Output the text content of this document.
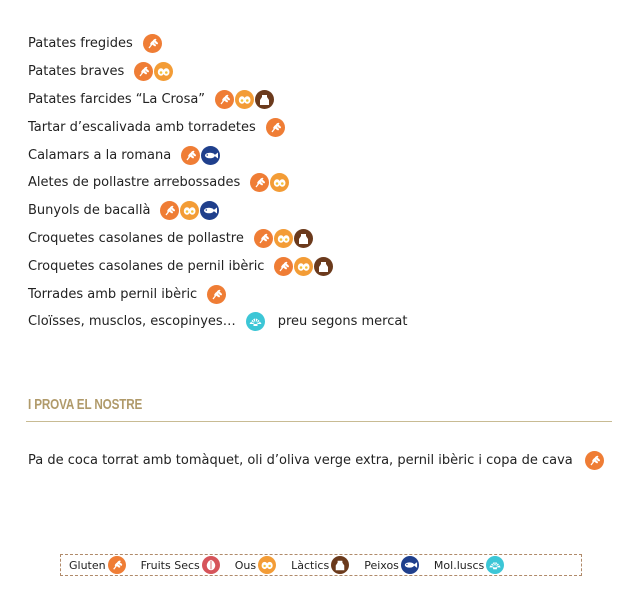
Patates fregides
Patates braves
Patates farcides “La Crosa”
Tartar d’escalivada amb torradetes
Calamars a la romana
Aletes de pollastre arrebossades
Bunyols de bacallà
Croquetes casolanes de pollastre
Croquetes casolanes de pernil ibèric
Torrades amb pernil ibèric
Cloïsses, musclos, escopinyes…	preu segons mercat
I PROVA EL NOSTRE
Pa de coca torrat amb tomàquet, oli d’oliva verge extra, pernil ibèric i copa de cava
Gluten	Fruits Secs	Ous	Làctics	Peixos	Mol.luscs
